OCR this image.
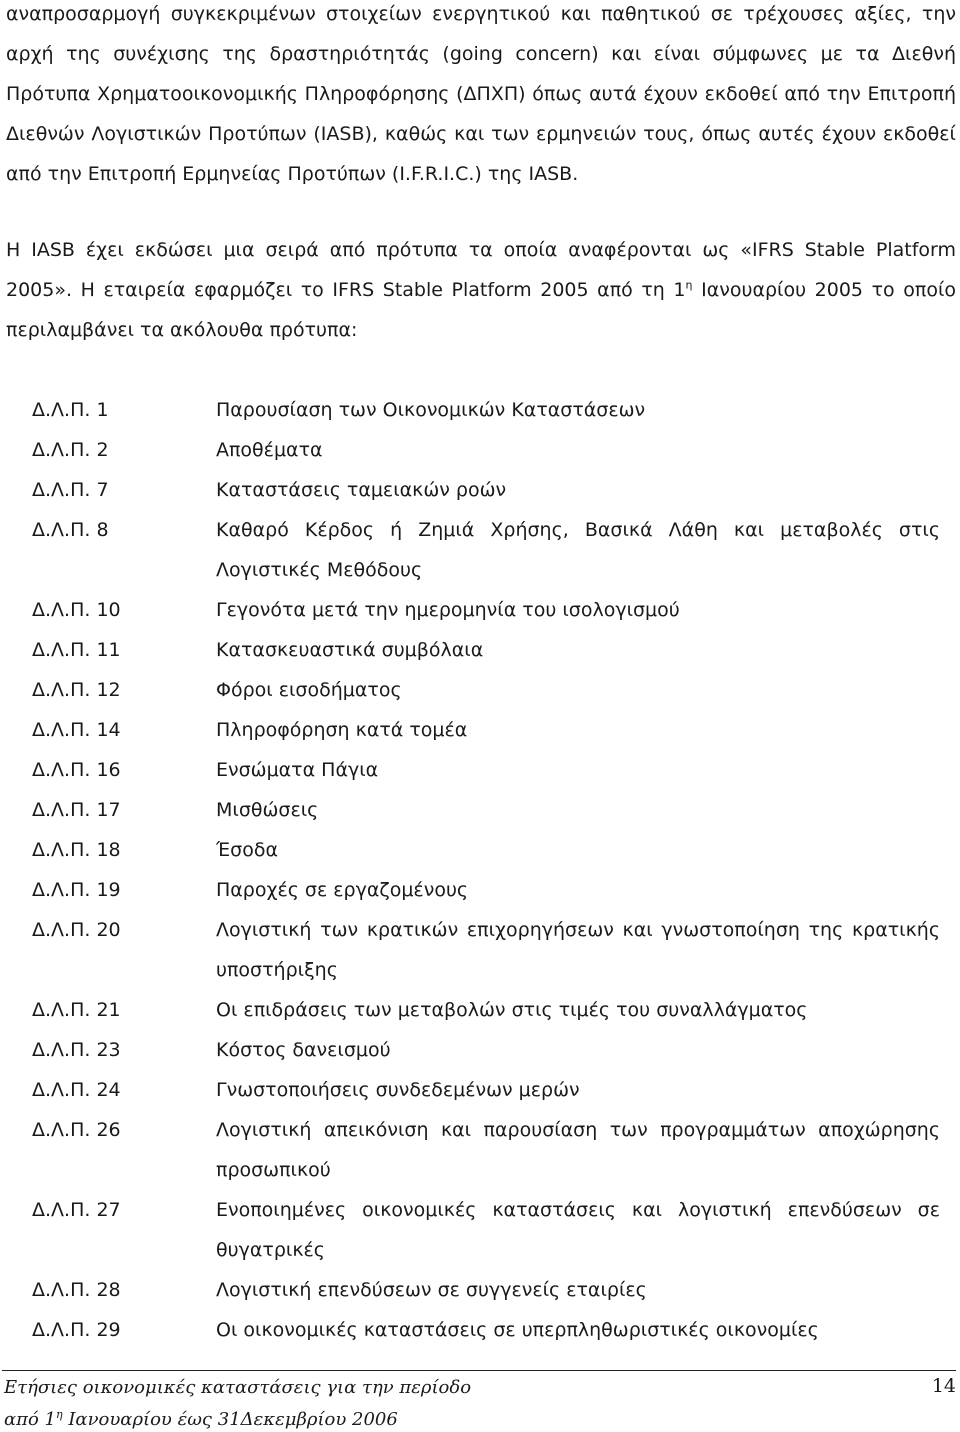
αναπροσαρμογή συγκεκριμένων στοιχείων ενεργητικού και παθητικού σε τρέχουσες αξίες, την αρχή της συνέχισης της δραστηριότητάς (going concern) και είναι σύμφωνες με τα Διεθνή Πρότυπα Χρηματοοικονομικής Πληροφόρησης (ΔΠΧΠ) όπως αυτά έχουν εκδοθεί από την Επιτροπή Διεθνών Λογιστικών Προτύπων (IASB), καθώς και των ερμηνειών τους, όπως αυτές έχουν εκδοθεί από την Επιτροπή Ερμηνείας Προτύπων (I.F.R.I.C.) της IASB.

Η IASB έχει εκδώσει μια σειρά από πρότυπα τα οποία αναφέρονται ως «IFRS Stable Platform 2005». Η εταιρεία εφαρμόζει το IFRS Stable Platform 2005 από τη $1^\eta$ Ιανουαρίου 2005 το οποίο περιλαμβάνει τα ακόλουθα πρότυπα:

Δ.Λ.Π. 1	Παρουσίαση των Οικονομικών Καταστάσεων
Δ.Λ.Π. 2	Αποθέματα
Δ.Λ.Π. 7	Καταστάσεις ταμειακών ροών
Δ.Λ.Π. 8	Καθαρό Κέρδος ή Ζημιά Χρήσης, Βασικά Λάθη και μεταβολές στις Λογιστικές Μεθόδους
Δ.Λ.Π. 10	Γεγονότα μετά την ημερομηνία του ισολογισμού
Δ.Λ.Π. 11	Κατασκευαστικά συμβόλαια
Δ.Λ.Π. 12	Φόροι εισοδήματος
Δ.Λ.Π. 14	Πληροφόρηση κατά τομέα
Δ.Λ.Π. 16	Ενσώματα Πάγια
Δ.Λ.Π. 17	Μισθώσεις
Δ.Λ.Π. 18	Έσοδα
Δ.Λ.Π. 19	Παροχές σε εργαζομένους
Δ.Λ.Π. 20	Λογιστική των κρατικών επιχορηγήσεων και γνωστοποίηση της κρατικής υποστήριξης
Δ.Λ.Π. 21	Οι επιδράσεις των μεταβολών στις τιμές του συναλλάγματος
Δ.Λ.Π. 23	Κόστος δανεισμού
Δ.Λ.Π. 24	Γνωστοποιήσεις συνδεδεμένων μερών
Δ.Λ.Π. 26	Λογιστική απεικόνιση και παρουσίαση των προγραμμάτων αποχώρησης προσωπικού
Δ.Λ.Π. 27	Ενοποιημένες οικονομικές καταστάσεις και λογιστική επενδύσεων σε θυγατρικές
Δ.Λ.Π. 28	Λογιστική επενδύσεων σε συγγενείς εταιρίες
Δ.Λ.Π. 29	Οι οικονομικές καταστάσεις σε υπερπληθωριστικές οικονομίες
Ετήσιες οικονομικές καταστάσεις για την περίοδο
από $1^\eta$ Ιανουαρίου έως 31Δεκεμβρίου 2006
14
